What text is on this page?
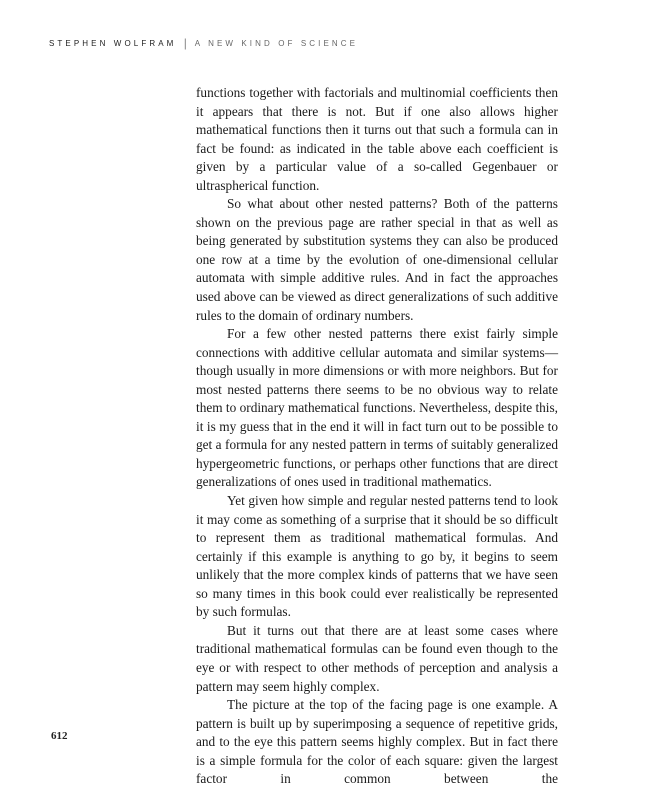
STEPHEN WOLFRAM | A NEW KIND OF SCIENCE

functions together with factorials and multinomial coefficients then it appears that there is not. But if one also allows higher mathematical functions then it turns out that such a formula can in fact be found: as indicated in the table above each coefficient is given by a particular value of a so-called Gegenbauer or ultraspherical function.

So what about other nested patterns? Both of the patterns shown on the previous page are rather special in that as well as being generated by substitution systems they can also be produced one row at a time by the evolution of one-dimensional cellular automata with simple additive rules. And in fact the approaches used above can be viewed as direct generalizations of such additive rules to the domain of ordinary numbers.

For a few other nested patterns there exist fairly simple connections with additive cellular automata and similar systems—though usually in more dimensions or with more neighbors. But for most nested patterns there seems to be no obvious way to relate them to ordinary mathematical functions. Nevertheless, despite this, it is my guess that in the end it will in fact turn out to be possible to get a formula for any nested pattern in terms of suitably generalized hypergeometric functions, or perhaps other functions that are direct generalizations of ones used in traditional mathematics.

Yet given how simple and regular nested patterns tend to look it may come as something of a surprise that it should be so difficult to represent them as traditional mathematical formulas. And certainly if this example is anything to go by, it begins to seem unlikely that the more complex kinds of patterns that we have seen so many times in this book could ever realistically be represented by such formulas.

But it turns out that there are at least some cases where traditional mathematical formulas can be found even though to the eye or with respect to other methods of perception and analysis a pattern may seem highly complex.

The picture at the top of the facing page is one example. A pattern is built up by superimposing a sequence of repetitive grids, and to the eye this pattern seems highly complex. But in fact there is a simple formula for the color of each square: given the largest factor in common between the

612
